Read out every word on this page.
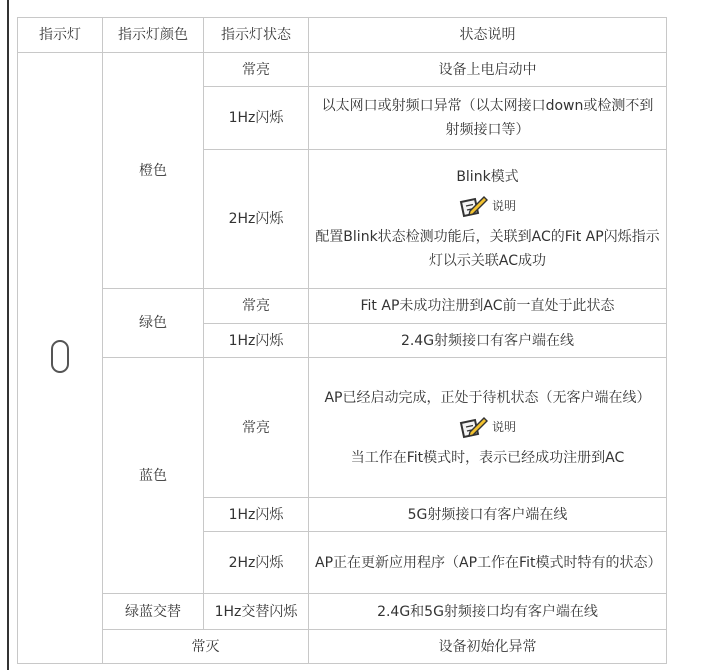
指示灯	指示灯颜色	指示灯状态	状态说明
	橙色	常亮	设备上电启动中
		1Hz闪烁	以太网口或射频口异常（以太网接口down或检测不到射频接口等）
		2Hz闪烁	Blink模式
说明
配置Blink状态检测功能后，关联到AC的Fit AP闪烁指示灯以示关联AC成功

	绿色	常亮	Fit AP未成功注册到AC前一直处于此状态
		1Hz闪烁	2.4G射频接口有客户端在线
	蓝色	常亮	AP已经启动完成，正处于待机状态（无客户端在线）
说明
当工作在Fit模式时，表示已经成功注册到AC

		1Hz闪烁	5G射频接口有客户端在线
		2Hz闪烁	AP正在更新应用程序（AP工作在Fit模式时特有的状态）
	绿蓝交替	1Hz交替闪烁	2.4G和5G射频接口均有客户端在线
	常灭		设备初始化异常
